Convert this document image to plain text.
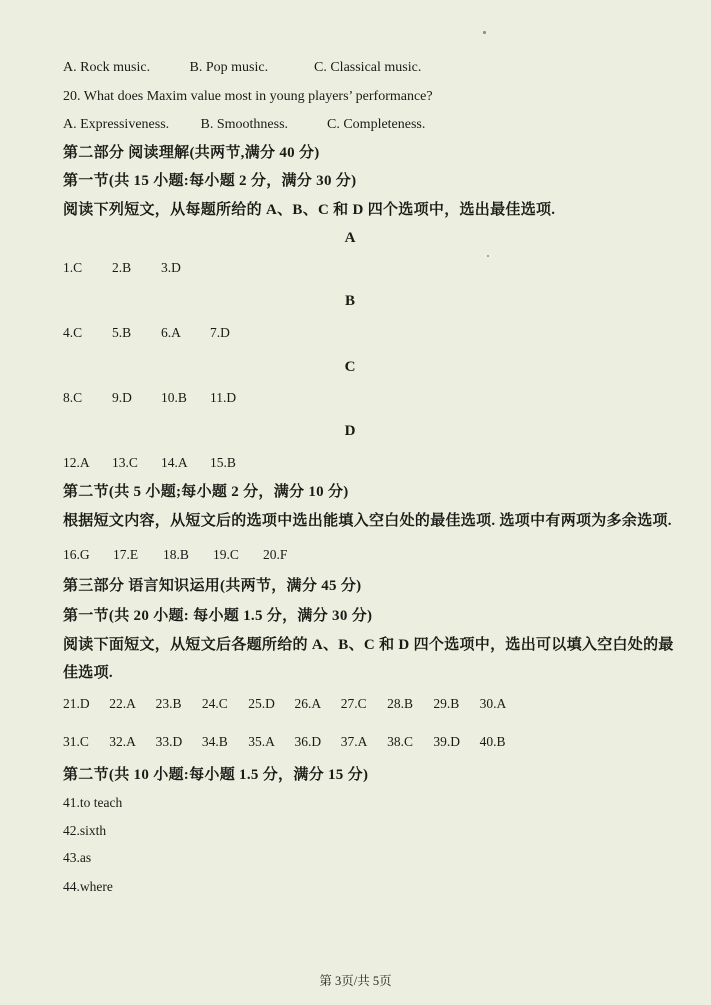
A. Rock music.	B. Pop music.	C. Classical music.
20. What does Maxim value most in young players’ performance?
A. Expressiveness. B. Smoothness.	C. Completeness.
第二部分 阅读理解(共两节,满分 40 分)
第一节(共 15 小题:每小题 2 分，满分 30 分)
阅读下列短文，从每题所给的 A、B、C 和 D 四个选项中，选出最佳选项.
A
1.C 2.B 3.D
B
4.C 5.B 6.A 7.D
C
8.C 9.D 10.B 11.D
D
12.A 13.C 14.A 15.B
第二节(共 5 小题;每小题 2 分，满分 10 分)
根据短文内容，从短文后的选项中选出能填入空白处的最佳选项. 选项中有两项为多余选项.
16.G 17.E 18.B 19.C 20.F
第三部分 语言知识运用(共两节，满分 45 分)
第一节(共 20 小题: 每小题 1.5 分，满分 30 分)
阅读下面短文，从短文后各题所给的 A、B、C 和 D 四个选项中，选出可以填入空白处的最佳选项.
21.D 22.A 23.B 24.C 25.D 26.A 27.C 28.B 29.B 30.A
31.C 32.A 33.D 34.B 35.A 36.D 37.A 38.C 39.D 40.B
第二节(共 10 小题:每小题 1.5 分，满分 15 分)
41.to teach
42.sixth
43.as
44.where
第 3页/共 5页
